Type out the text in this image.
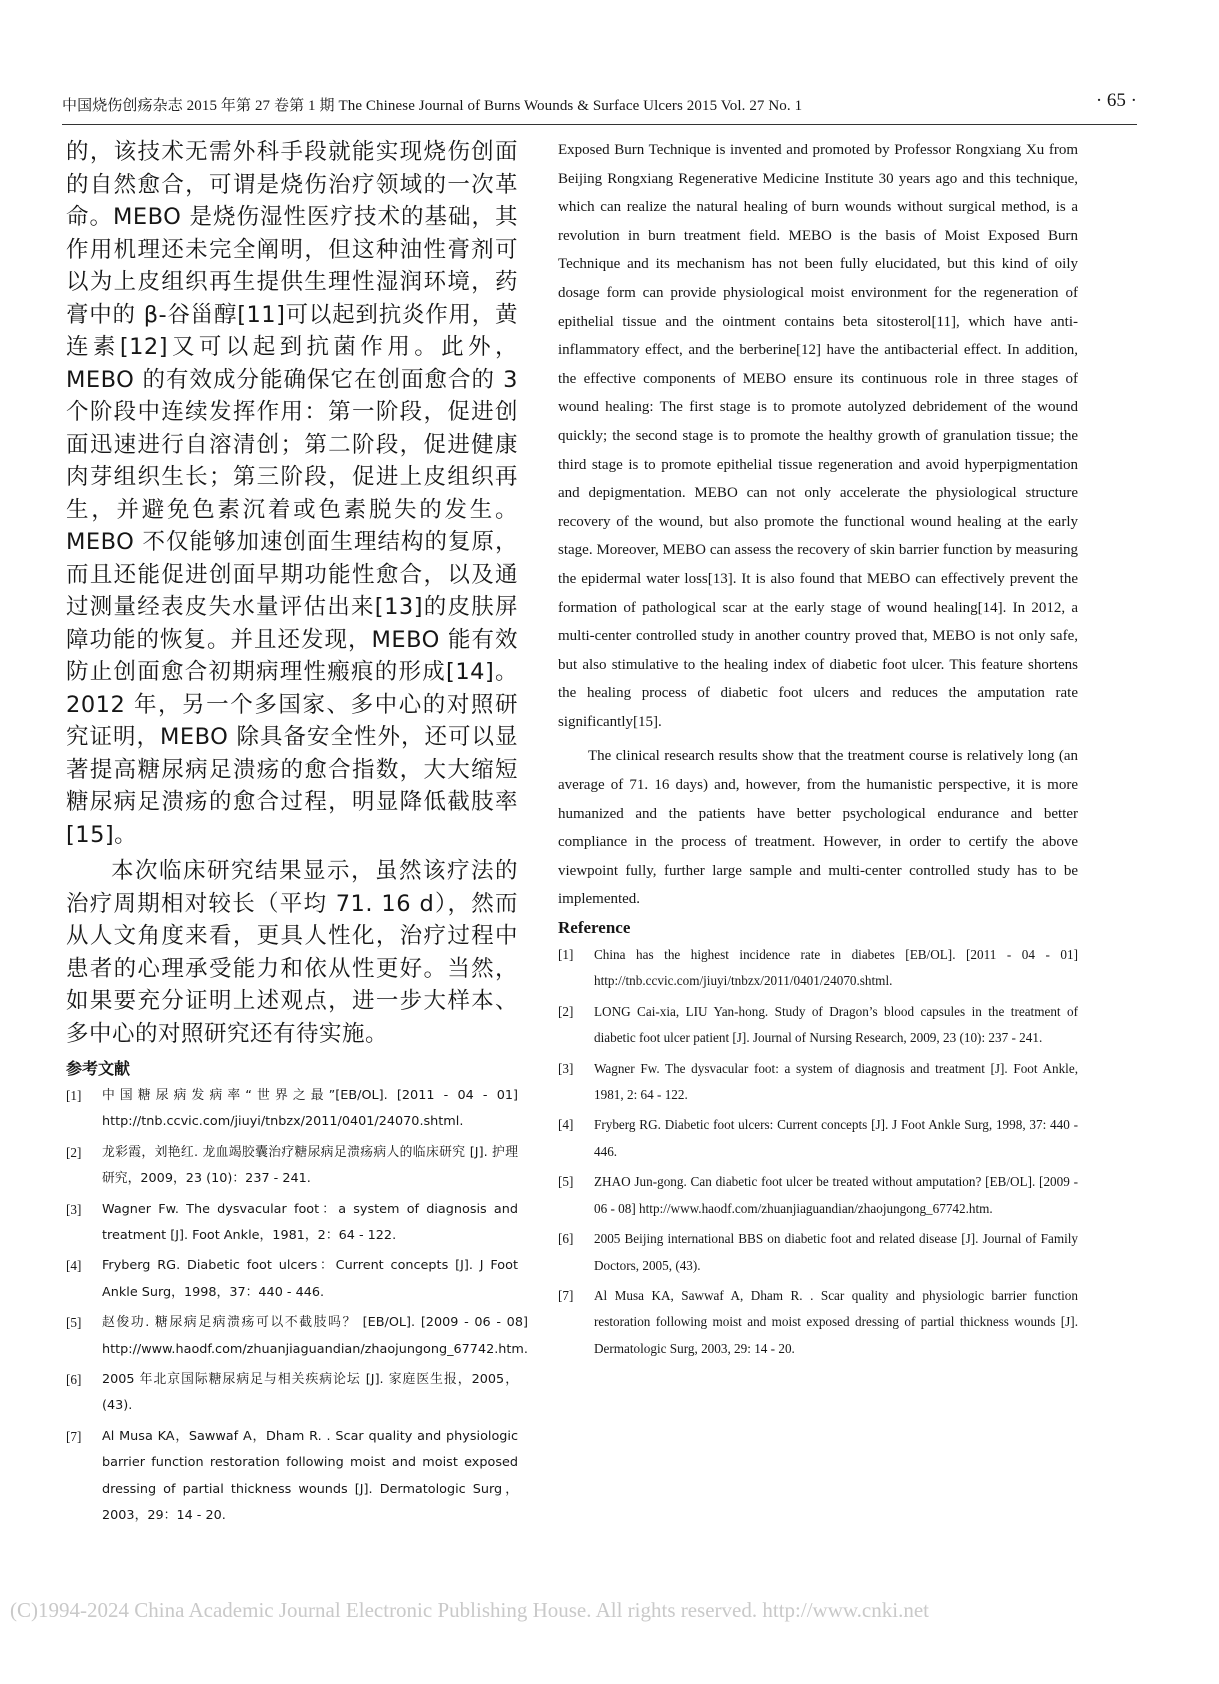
中国烧伤创疡杂志 2015 年第 27 卷第 1 期 The Chinese Journal of Burns Wounds & Surface Ulcers 2015 Vol. 27 No. 1	· 65 ·

的，该技术无需外科手段就能实现烧伤创面的自然愈合，可谓是烧伤治疗领域的一次革命。MEBO 是烧伤湿性医疗技术的基础，其作用机理还未完全阐明，但这种油性膏剂可以为上皮组织再生提供生理性湿润环境，药膏中的 β-谷甾醇[11]可以起到抗炎作用，黄连素[12]又可以起到抗菌作用。此外，MEBO 的有效成分能确保它在创面愈合的 3 个阶段中连续发挥作用：第一阶段，促进创面迅速进行自溶清创；第二阶段，促进健康肉芽组织生长；第三阶段，促进上皮组织再生，并避免色素沉着或色素脱失的发生。MEBO 不仅能够加速创面生理结构的复原，而且还能促进创面早期功能性愈合，以及通过测量经表皮失水量评估出来[13]的皮肤屏障功能的恢复。并且还发现，MEBO 能有效防止创面愈合初期病理性瘢痕的形成[14]。2012 年，另一个多国家、多中心的对照研究证明，MEBO 除具备安全性外，还可以显著提高糖尿病足溃疡的愈合指数，大大缩短糖尿病足溃疡的愈合过程，明显降低截肢率[15]。

本次临床研究结果显示，虽然该疗法的治疗周期相对较长（平均 71. 16 d），然而从人文角度来看，更具人性化，治疗过程中患者的心理承受能力和依从性更好。当然，如果要充分证明上述观点，进一步大样本、多中心的对照研究还有待实施。

参考文献
[1]	中国糖尿病发病率“世界之最”[EB/OL]. [2011 - 04 - 01] http://tnb.ccvic.com/jiuyi/tnbzx/2011/0401/24070.shtml.
[2]	龙彩霞，刘艳红. 龙血竭胶囊治疗糖尿病足溃疡病人的临床研究 [J]. 护理研究，2009，23 (10)：237 - 241.
[3]	Wagner Fw. The dysvacular foot：a system of diagnosis and treatment [J]. Foot Ankle，1981，2：64 - 122.
[4]	Fryberg RG. Diabetic foot ulcers：Current concepts [J]. J Foot Ankle Surg，1998，37：440 - 446.
[5]	赵俊功. 糖尿病足病溃疡可以不截肢吗？ [EB/OL]. [2009 - 06 - 08] http://www.haodf.com/zhuanjiaguandian/zhaojungong_67742.htm.
[6]	2005 年北京国际糖尿病足与相关疾病论坛 [J]. 家庭医生报，2005，(43).
[7]	Al Musa KA，Sawwaf A，Dham R. . Scar quality and physiologic barrier function restoration following moist and moist exposed dressing of partial thickness wounds [J]. Dermatologic Surg，2003，29：14 - 20.

Exposed Burn Technique is invented and promoted by Professor Rongxiang Xu from Beijing Rongxiang Regenerative Medicine Institute 30 years ago and this technique, which can realize the natural healing of burn wounds without surgical method, is a revolution in burn treatment field. MEBO is the basis of Moist Exposed Burn Technique and its mechanism has not been fully elucidated, but this kind of oily dosage form can provide physiological moist environment for the regeneration of epithelial tissue and the ointment contains beta sitosterol[11], which have anti-inflammatory effect, and the berberine[12] have the antibacterial effect. In addition, the effective components of MEBO ensure its continuous role in three stages of wound healing: The first stage is to promote autolyzed debridement of the wound quickly; the second stage is to promote the healthy growth of granulation tissue; the third stage is to promote epithelial tissue regeneration and avoid hyperpigmentation and depigmentation. MEBO can not only accelerate the physiological structure recovery of the wound, but also promote the functional wound healing at the early stage. Moreover, MEBO can assess the recovery of skin barrier function by measuring the epidermal water loss[13]. It is also found that MEBO can effectively prevent the formation of pathological scar at the early stage of wound healing[14]. In 2012, a multi-center controlled study in another country proved that, MEBO is not only safe, but also stimulative to the healing index of diabetic foot ulcer. This feature shortens the healing process of diabetic foot ulcers and reduces the amputation rate significantly[15].

The clinical research results show that the treatment course is relatively long (an average of 71. 16 days) and, however, from the humanistic perspective, it is more humanized and the patients have better psychological endurance and better compliance in the process of treatment. However, in order to certify the above viewpoint fully, further large sample and multi-center controlled study has to be implemented.

Reference
[1]	China has the highest incidence rate in diabetes [EB/OL]. [2011 - 04 - 01] http://tnb.ccvic.com/jiuyi/tnbzx/2011/0401/24070.shtml.
[2]	LONG Cai-xia, LIU Yan-hong. Study of Dragon’s blood capsules in the treatment of diabetic foot ulcer patient [J]. Journal of Nursing Research, 2009, 23 (10): 237 - 241.
[3]	Wagner Fw. The dysvacular foot: a system of diagnosis and treatment [J]. Foot Ankle, 1981, 2: 64 - 122.
[4]	Fryberg RG. Diabetic foot ulcers: Current concepts [J]. J Foot Ankle Surg, 1998, 37: 440 - 446.
[5]	ZHAO Jun-gong. Can diabetic foot ulcer be treated without amputation? [EB/OL]. [2009 - 06 - 08] http://www.haodf.com/zhuanjiaguandian/zhaojungong_67742.htm.
[6]	2005 Beijing international BBS on diabetic foot and related disease [J]. Journal of Family Doctors, 2005, (43).
[7]	Al Musa KA, Sawwaf A, Dham R. . Scar quality and physiologic barrier function restoration following moist and moist exposed dressing of partial thickness wounds [J]. Dermatologic Surg, 2003, 29: 14 - 20.
(C)1994-2024 China Academic Journal Electronic Publishing House. All rights reserved. http://www.cnki.net
